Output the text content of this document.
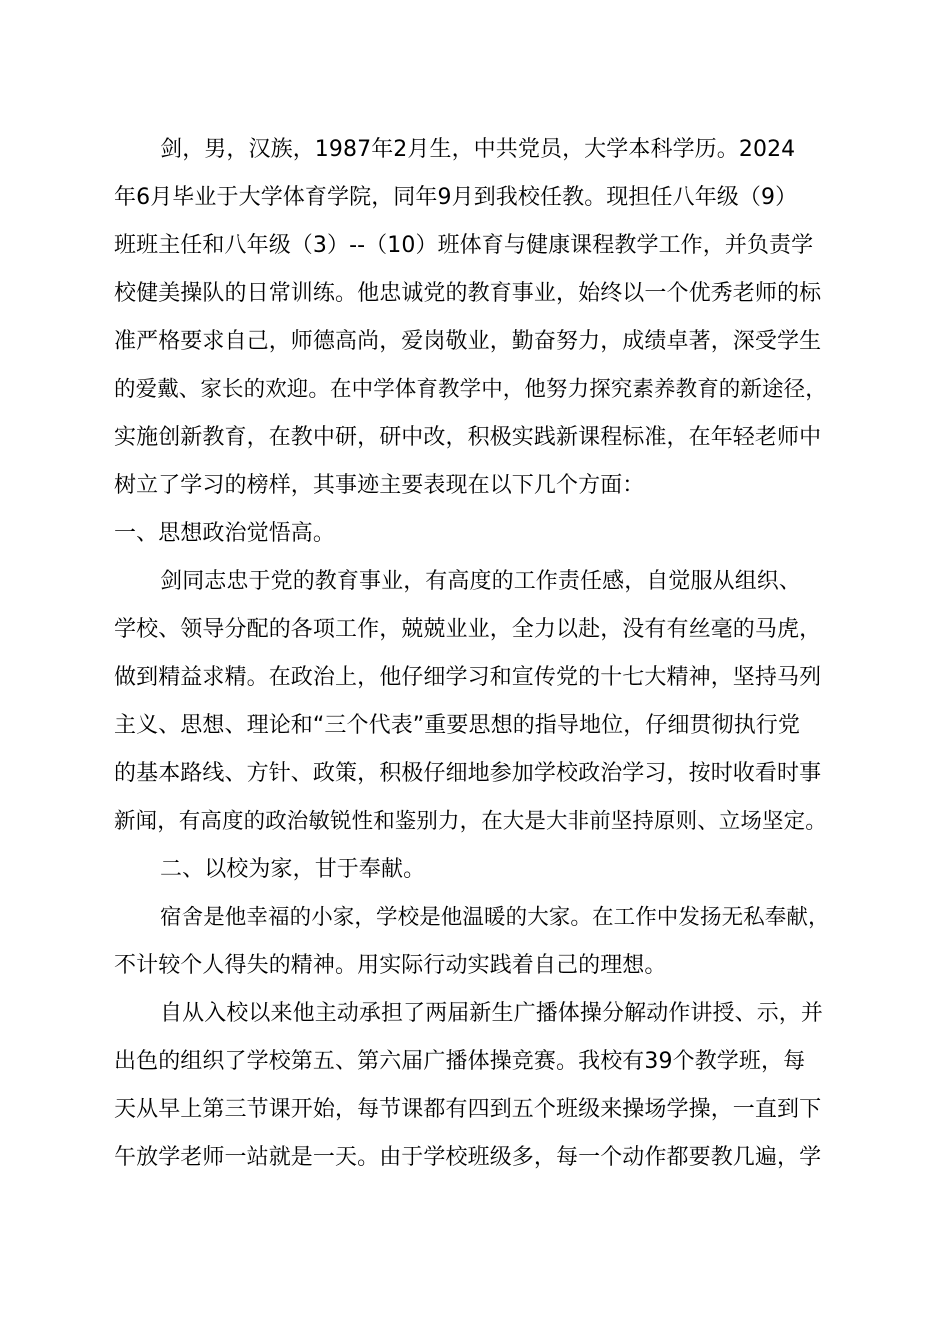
　剑，男，汉族，1987年2月生，中共党员，大学本科学历。2024
年6月毕业于大学体育学院，同年9月到我校任教。现担任八年级（9）
班班主任和八年级（3）--（10）班体育与健康课程教学工作，并负责学
校健美操队的日常训练。他忠诚党的教育事业，始终以一个优秀老师的标
准严格要求自己，师德高尚，爱岗敬业，勤奋努力，成绩卓著，深受学生
的爱戴、家长的欢迎。在中学体育教学中，他努力探究素养教育的新途径，
实施创新教育，在教中研，研中改，积极实践新课程标准，在年轻老师中
树立了学习的榜样，其事迹主要表现在以下几个方面：
一、思想政治觉悟高。
　剑同志忠于党的教育事业，有高度的工作责任感，自觉服从组织、
学校、领导分配的各项工作，兢兢业业，全力以赴，没有有丝毫的马虎，
做到精益求精。在政治上，他仔细学习和宣传党的十七大精神，坚持马列
主义、思想、理论和“三个代表”重要思想的指导地位，仔细贯彻执行党
的基本路线、方针、政策，积极仔细地参加学校政治学习，按时收看时事
新闻，有高度的政治敏锐性和鉴别力，在大是大非前坚持原则、立场坚定。
二、以校为家，甘于奉献。
宿舍是他幸福的小家，学校是他温暖的大家。在工作中发扬无私奉献，
不计较个人得失的精神。用实际行动实践着自己的理想。
自从入校以来他主动承担了两届新生广播体操分解动作讲授、示，并
出色的组织了学校第五、第六届广播体操竞赛。我校有39个教学班，每
天从早上第三节课开始，每节课都有四到五个班级来操场学操，一直到下
午放学老师一站就是一天。由于学校班级多，每一个动作都要教几遍，学
